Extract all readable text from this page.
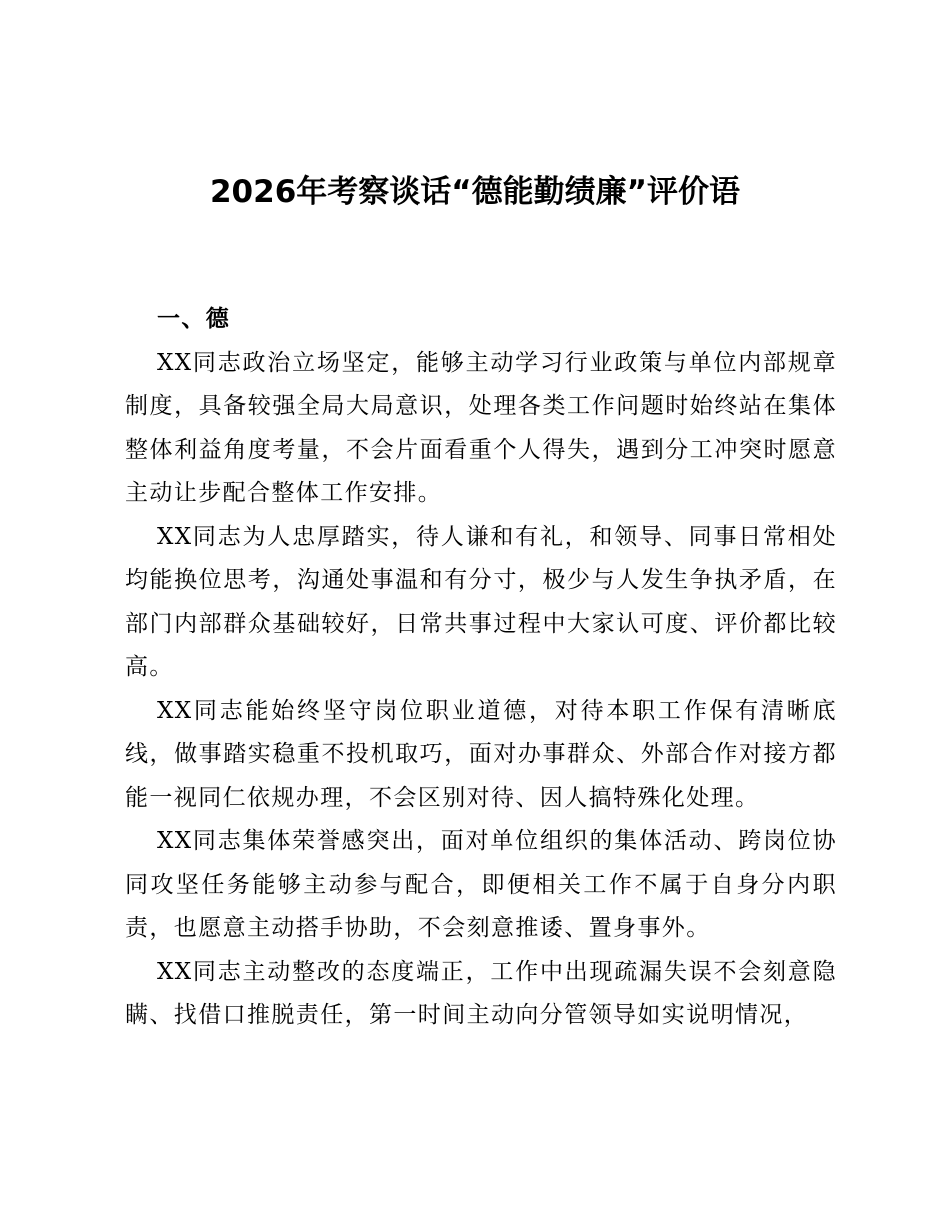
2026年考察谈话“德能勤绩廉”评价语
一、德

XX同志政治立场坚定，能够主动学习行业政策与单位内部规章制度，具备较强全局大局意识，处理各类工作问题时始终站在集体整体利益角度考量，不会片面看重个人得失，遇到分工冲突时愿意主动让步配合整体工作安排。

XX同志为人忠厚踏实，待人谦和有礼，和领导、同事日常相处均能换位思考，沟通处事温和有分寸，极少与人发生争执矛盾，在部门内部群众基础较好，日常共事过程中大家认可度、评价都比较高。

XX同志能始终坚守岗位职业道德，对待本职工作保有清晰底线，做事踏实稳重不投机取巧，面对办事群众、外部合作对接方都能一视同仁依规办理，不会区别对待、因人搞特殊化处理。

XX同志集体荣誉感突出，面对单位组织的集体活动、跨岗位协同攻坚任务能够主动参与配合，即便相关工作不属于自身分内职责，也愿意主动搭手协助，不会刻意推诿、置身事外。

XX同志主动整改的态度端正，工作中出现疏漏失误不会刻意隐瞒、找借口推脱责任，第一时间主动向分管领导如实说明情况，
